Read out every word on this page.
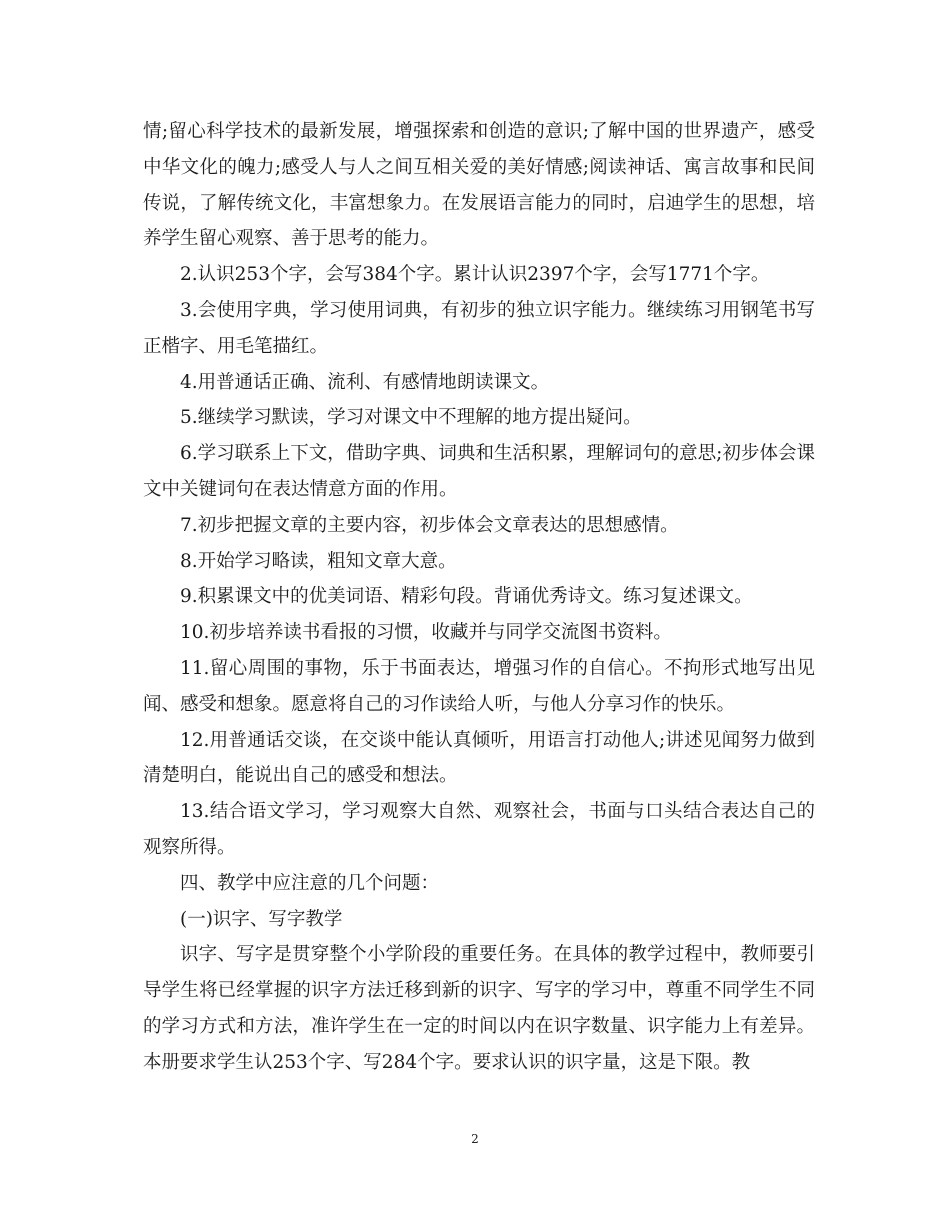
情;留心科学技术的最新发展，增强探索和创造的意识;了解中国的世界遗产，感受中华文化的魄力;感受人与人之间互相关爱的美好情感;阅读神话、寓言故事和民间传说，了解传统文化，丰富想象力。在发展语言能力的同时，启迪学生的思想，培养学生留心观察、善于思考的能力。

2.认识253个字，会写384个字。累计认识2397个字，会写1771个字。

3.会使用字典，学习使用词典，有初步的独立识字能力。继续练习用钢笔书写正楷字、用毛笔描红。

4.用普通话正确、流利、有感情地朗读课文。

5.继续学习默读，学习对课文中不理解的地方提出疑问。

6.学习联系上下文，借助字典、词典和生活积累，理解词句的意思;初步体会课文中关键词句在表达情意方面的作用。

7.初步把握文章的主要内容，初步体会文章表达的思想感情。

8.开始学习略读，粗知文章大意。

9.积累课文中的优美词语、精彩句段。背诵优秀诗文。练习复述课文。

10.初步培养读书看报的习惯，收藏并与同学交流图书资料。

11.留心周围的事物，乐于书面表达，增强习作的自信心。不拘形式地写出见闻、感受和想象。愿意将自己的习作读给人听，与他人分享习作的快乐。

12.用普通话交谈，在交谈中能认真倾听，用语言打动他人;讲述见闻努力做到清楚明白，能说出自己的感受和想法。

13.结合语文学习，学习观察大自然、观察社会，书面与口头结合表达自己的观察所得。

四、教学中应注意的几个问题：

(一)识字、写字教学

识字、写字是贯穿整个小学阶段的重要任务。在具体的教学过程中，教师要引导学生将已经掌握的识字方法迁移到新的识字、写字的学习中，尊重不同学生不同的学习方式和方法，准许学生在一定的时间以内在识字数量、识字能力上有差异。本册要求学生认253个字、写284个字。要求认识的识字量，这是下限。教

2
